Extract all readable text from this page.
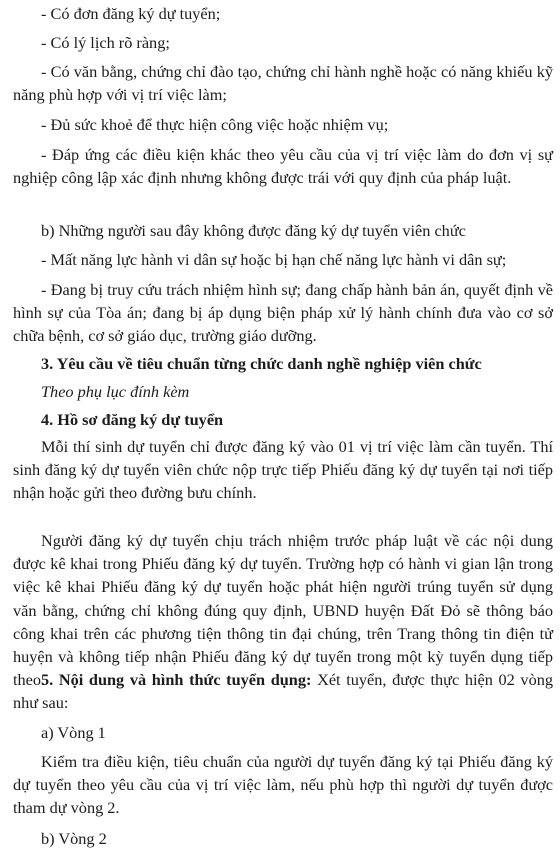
- Có đơn đăng ký dự tuyển;

- Có lý lịch rõ ràng;

- Có văn bằng, chứng chỉ đào tạo, chứng chỉ hành nghề hoặc có năng khiếu kỹ năng phù hợp với vị trí việc làm;

- Đủ sức khoẻ để thực hiện công việc hoặc nhiệm vụ;

- Đáp ứng các điều kiện khác theo yêu cầu của vị trí việc làm do đơn vị sự nghiệp công lập xác định nhưng không được trái với quy định của pháp luật.

b) Những người sau đây không được đăng ký dự tuyển viên chức

- Mất năng lực hành vi dân sự hoặc bị hạn chế năng lực hành vi dân sự;

- Đang bị truy cứu trách nhiệm hình sự; đang chấp hành bản án, quyết định về hình sự của Tòa án; đang bị áp dụng biện pháp xử lý hành chính đưa vào cơ sở chữa bệnh, cơ sở giáo dục, trường giáo dưỡng.

3. Yêu cầu về tiêu chuẩn từng chức danh nghề nghiệp viên chức

Theo phụ lục đính kèm

4. Hồ sơ đăng ký dự tuyển

Mỗi thí sinh dự tuyển chỉ được đăng ký vào 01 vị trí việc làm cần tuyển. Thí sinh đăng ký dự tuyển viên chức nộp trực tiếp Phiếu đăng ký dự tuyển tại nơi tiếp nhận hoặc gửi theo đường bưu chính.

Người đăng ký dự tuyển chịu trách nhiệm trước pháp luật về các nội dung được kê khai trong Phiếu đăng ký dự tuyển. Trường hợp có hành vi gian lận trong việc kê khai Phiếu đăng ký dự tuyển hoặc phát hiện người trúng tuyển sử dụng văn bằng, chứng chỉ không đúng quy định, UBND huyện Đất Đỏ sẽ thông báo công khai trên các phương tiện thông tin đại chúng, trên Trang thông tin điện tử huyện và không tiếp nhận Phiếu đăng ký dự tuyển trong một kỳ tuyển dụng tiếp theo.

5. Nội dung và hình thức tuyển dụng: Xét tuyển, được thực hiện 02 vòng như sau:

a) Vòng 1

Kiểm tra điều kiện, tiêu chuẩn của người dự tuyển đăng ký tại Phiếu đăng ký dự tuyển theo yêu cầu của vị trí việc làm, nếu phù hợp thì người dự tuyển được tham dự vòng 2.

b) Vòng 2
